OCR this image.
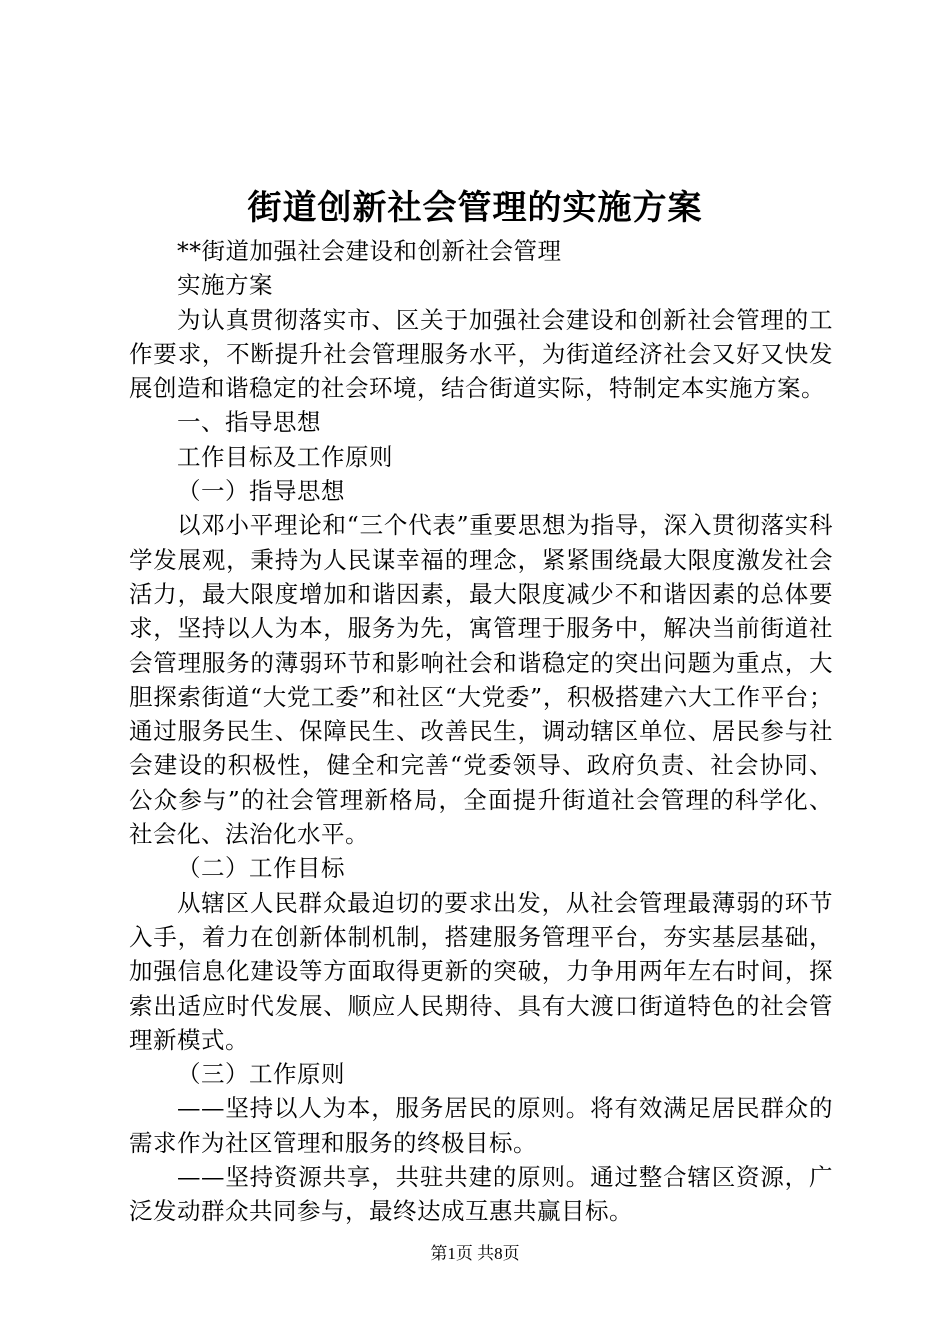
街道创新社会管理的实施方案

**街道加强社会建设和创新社会管理

实施方案

为认真贯彻落实市、区关于加强社会建设和创新社会管理的工作要求，不断提升社会管理服务水平，为街道经济社会又好又快发展创造和谐稳定的社会环境，结合街道实际，特制定本实施方案。

一、指导思想

工作目标及工作原则

（一）指导思想

以邓小平理论和“三个代表”重要思想为指导，深入贯彻落实科学发展观，秉持为人民谋幸福的理念，紧紧围绕最大限度激发社会活力，最大限度增加和谐因素，最大限度减少不和谐因素的总体要求，坚持以人为本，服务为先，寓管理于服务中，解决当前街道社会管理服务的薄弱环节和影响社会和谐稳定的突出问题为重点，大胆探索街道“大党工委”和社区“大党委”，积极搭建六大工作平台；通过服务民生、保障民生、改善民生，调动辖区单位、居民参与社会建设的积极性，健全和完善“党委领导、政府负责、社会协同、公众参与”的社会管理新格局，全面提升街道社会管理的科学化、社会化、法治化水平。

（二）工作目标

从辖区人民群众最迫切的要求出发，从社会管理最薄弱的环节入手，着力在创新体制机制，搭建服务管理平台，夯实基层基础，加强信息化建设等方面取得更新的突破，力争用两年左右时间，探索出适应时代发展、顺应人民期待、具有大渡口街道特色的社会管理新模式。

（三）工作原则

——坚持以人为本，服务居民的原则。将有效满足居民群众的需求作为社区管理和服务的终极目标。

——坚持资源共享，共驻共建的原则。通过整合辖区资源，广泛发动群众共同参与，最终达成互惠共赢目标。

第1页 共8页
